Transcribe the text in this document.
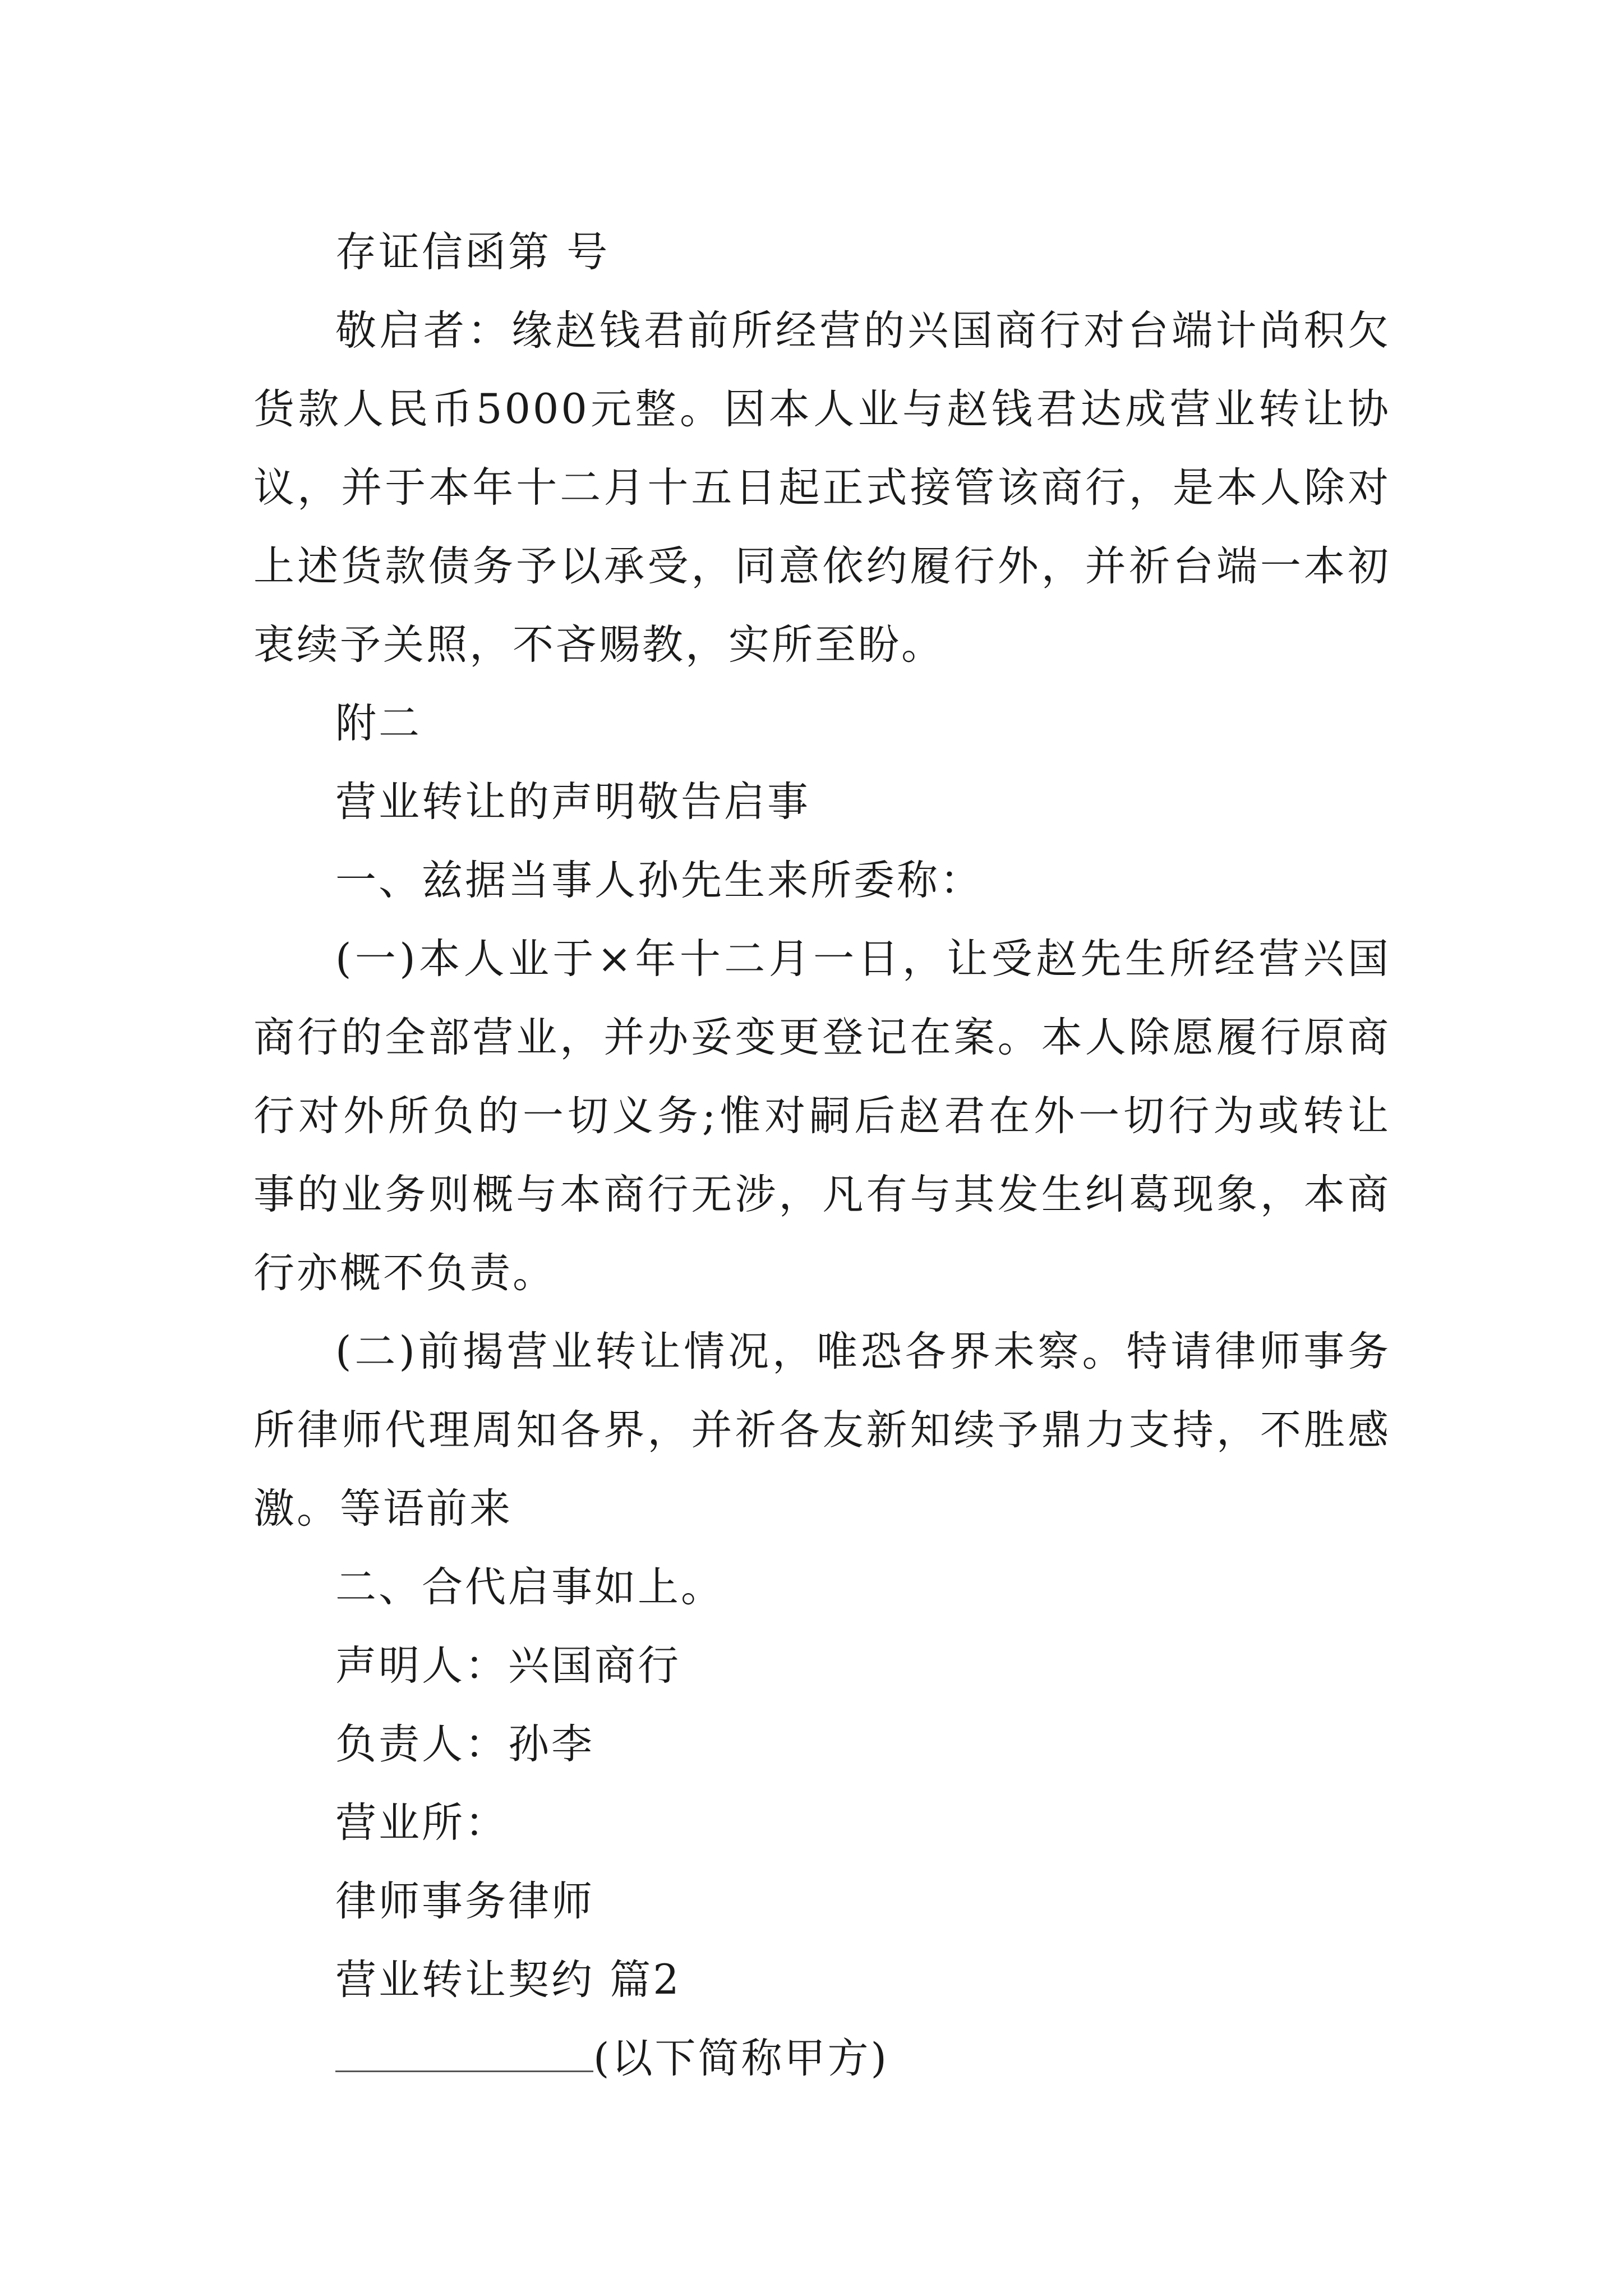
存证信函第 号

敬启者：缘赵钱君前所经营的兴国商行对台端计尚积欠货款人民币5000元整。因本人业与赵钱君达成营业转让协议，并于本年十二月十五日起正式接管该商行，是本人除对上述货款债务予以承受，同意依约履行外，并祈台端一本初衷续予关照，不吝赐教，实所至盼。

附二

营业转让的声明敬告启事

一、兹据当事人孙先生来所委称：

(一)本人业于×年十二月一日，让受赵先生所经营兴国商行的全部营业，并办妥变更登记在案。本人除愿履行原商行对外所负的一切义务;惟对嗣后赵君在外一切行为或转让事的业务则概与本商行无涉，凡有与其发生纠葛现象，本商行亦概不负责。

(二)前揭营业转让情况，唯恐各界未察。特请律师事务所律师代理周知各界，并祈各友新知续予鼎力支持，不胜感激。等语前来

二、合代启事如上。

声明人：兴国商行

负责人：孙李

营业所：

律师事务律师

营业转让契约 篇2

(以下简称甲方)
